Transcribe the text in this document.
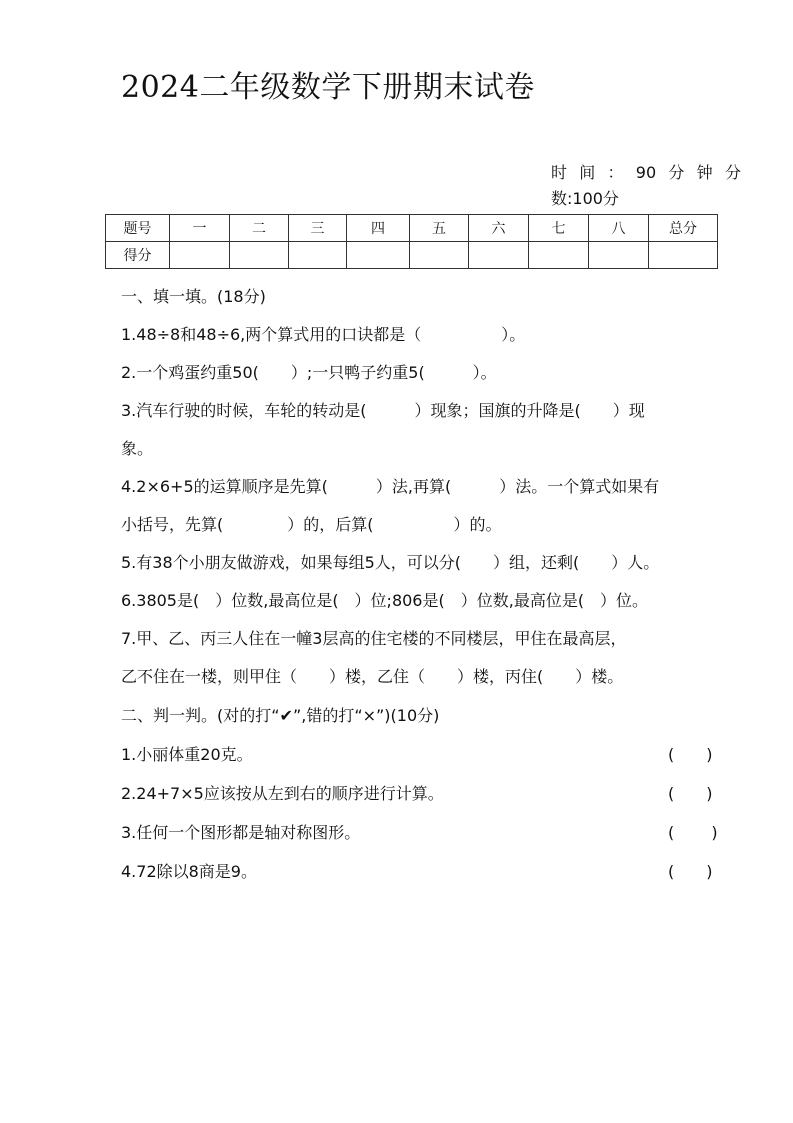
2024二年级数学下册期末试卷
时 间 ： 90 分 钟 分
数:100分
题号	一	二	三	四	五	六	七	八	总分
得分									
一、填一填。(18分)
1.48÷8和48÷6,两个算式用的口诀都是（　　　　　）。
2.一个鸡蛋约重50(　　）;一只鸭子约重5(　　　）。
3.汽车行驶的时候，车轮的转动是(　　　）现象；国旗的升降是(　　）现
象。
4.2×6+5的运算顺序是先算(　　　）法,再算(　　　）法。一个算式如果有
小括号，先算(　　　　）的，后算(　　　　　）的。
5.有38个小朋友做游戏，如果每组5人，可以分(　　）组，还剩(　　）人。
6.3805是(　）位数,最高位是(　）位;806是(　）位数,最高位是(　）位。
7.甲、乙、丙三人住在一幢3层高的住宅楼的不同楼层，甲住在最高层，
乙不住在一楼，则甲住（　　）楼，乙住（　　）楼，丙住(　　）楼。
二、判一判。(对的打“✔”,错的打“×”)(10分)
1.小丽体重20克。	(　　)
2.24+7×5应该按从左到右的顺序进行计算。	(　　)
3.任何一个图形都是轴对称图形。	(　　 )
4.72除以8商是9。	(　　)
